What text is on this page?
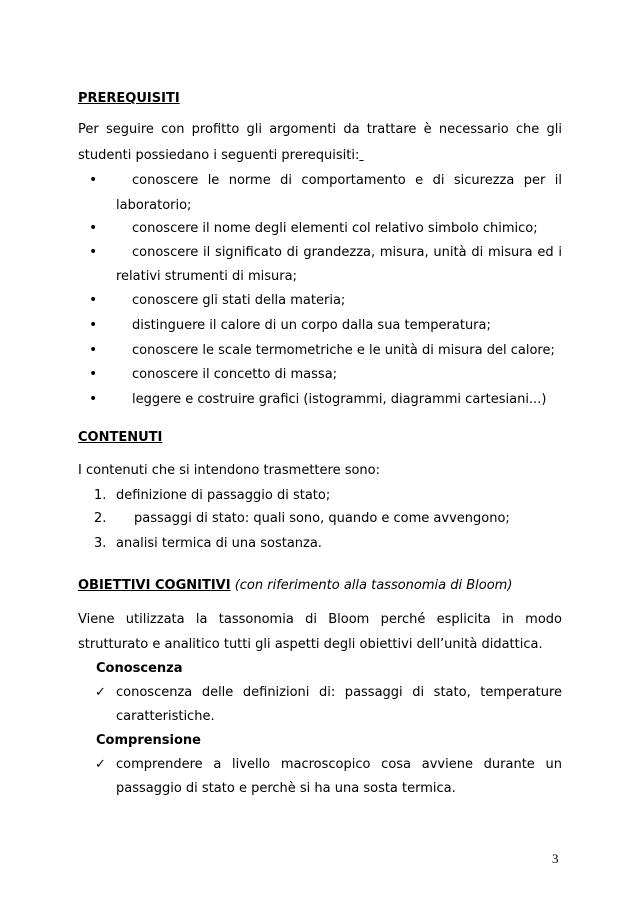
PREREQUISITI
Per seguire con profitto gli argomenti da trattare è necessario che gli
studenti possiedano i seguenti prerequisiti:
•	conoscere le norme di comportamento e di sicurezza per il
laboratorio;
•	conoscere il nome degli elementi col relativo simbolo chimico;
•	conoscere il significato di grandezza, misura, unità di misura ed i
relativi strumenti di misura;
•	conoscere gli stati della materia;
•	distinguere il calore di un corpo dalla sua temperatura;
•	conoscere le scale termometriche e le unità di misura del calore;
•	conoscere il concetto di massa;
•	leggere e costruire grafici (istogrammi, diagrammi cartesiani...)
CONTENUTI
I contenuti che si intendono trasmettere sono:
1. definizione di passaggio di stato;
2. passaggi di stato: quali sono, quando e come avvengono;
3. analisi termica di una sostanza.
OBIETTIVI COGNITIVI (con riferimento alla tassonomia di Bloom)
Viene utilizzata la tassonomia di Bloom perché esplicita in modo
strutturato e analitico tutti gli aspetti degli obiettivi dell’unità didattica.
Conoscenza
✓ conoscenza delle definizioni di: passaggi di stato, temperature
caratteristiche.
Comprensione
✓ comprendere a livello macroscopico cosa avviene durante un
passaggio di stato e perchè si ha una sosta termica.
3
